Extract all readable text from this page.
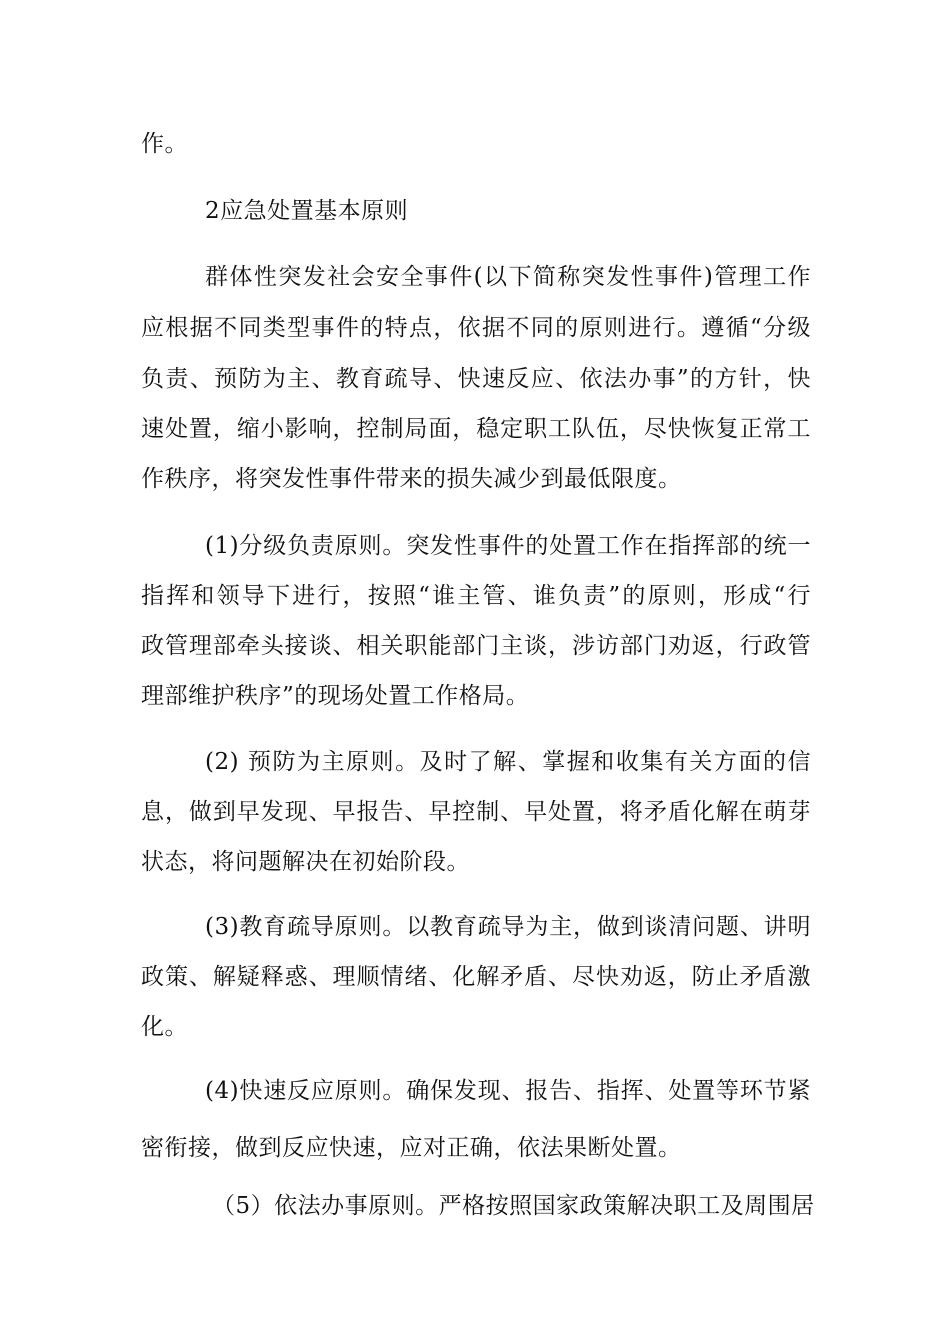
作。
2应急处置基本原则
群体性突发社会安全事件(以下简称突发性事件)管理工作
应根据不同类型事件的特点，依据不同的原则进行。遵循“分级
负责、预防为主、教育疏导、快速反应、依法办事”的方针，快
速处置，缩小影响，控制局面，稳定职工队伍，尽快恢复正常工
作秩序，将突发性事件带来的损失减少到最低限度。
(1)分级负责原则。突发性事件的处置工作在指挥部的统一
指挥和领导下进行，按照“谁主管、谁负责”的原则，形成“行
政管理部牵头接谈、相关职能部门主谈，涉访部门劝返，行政管
理部维护秩序”的现场处置工作格局。
(2) 预防为主原则。及时了解、掌握和收集有关方面的信
息，做到早发现、早报告、早控制、早处置，将矛盾化解在萌芽
状态，将问题解决在初始阶段。
(3)教育疏导原则。以教育疏导为主，做到谈清问题、讲明
政策、解疑释惑、理顺情绪、化解矛盾、尽快劝返，防止矛盾激
化。
(4)快速反应原则。确保发现、报告、指挥、处置等环节紧
密衔接，做到反应快速，应对正确，依法果断处置。
（5）依法办事原则。严格按照国家政策解决职工及周围居
